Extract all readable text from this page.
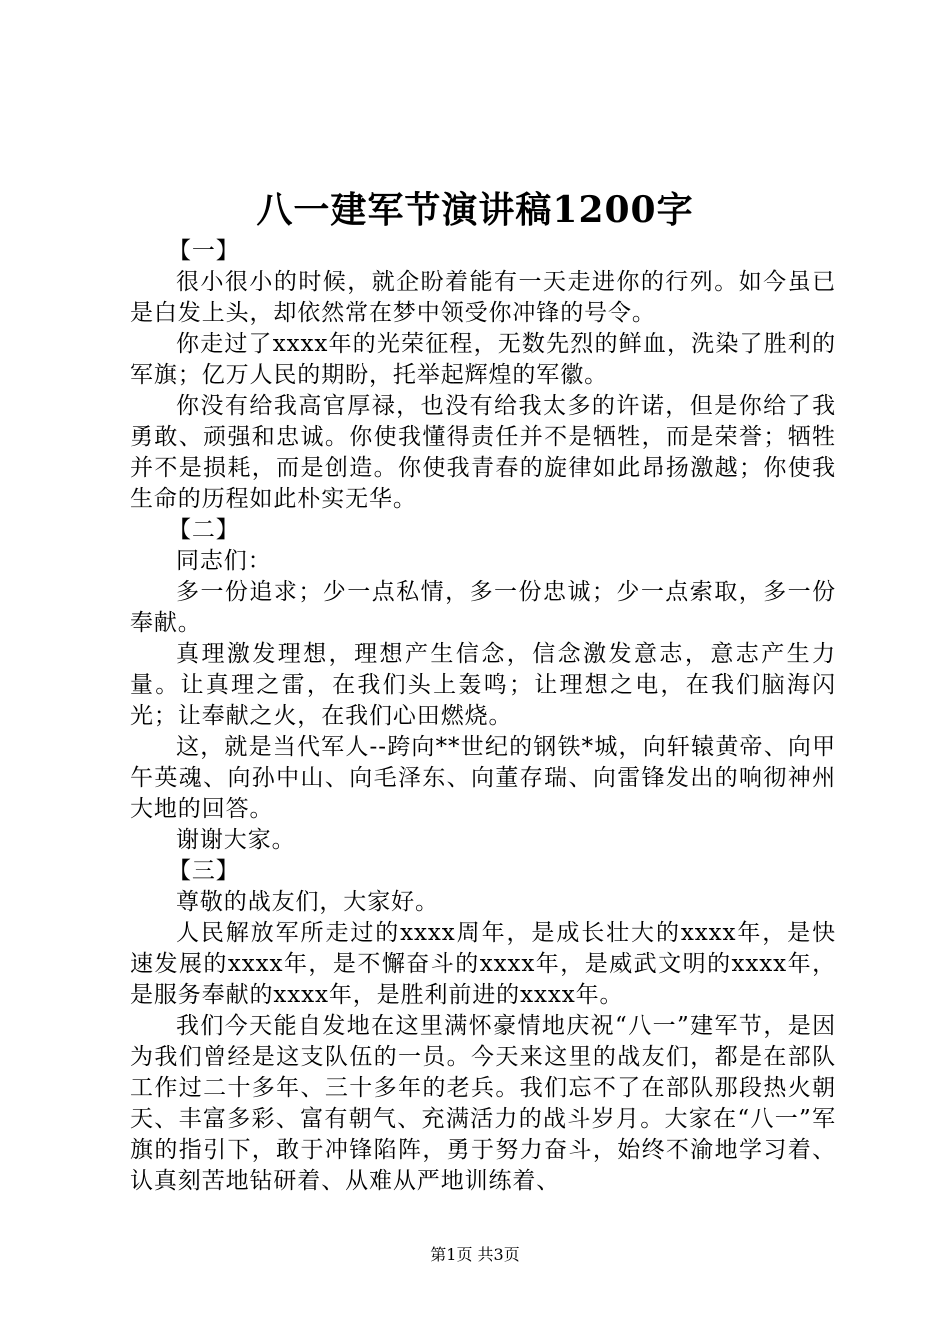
八一建军节演讲稿1200字

【一】

很小很小的时候，就企盼着能有一天走进你的行列。如今虽已是白发上头，却依然常在梦中领受你冲锋的号令。

你走过了xxxx年的光荣征程，无数先烈的鲜血，洗染了胜利的军旗；亿万人民的期盼，托举起辉煌的军徽。

你没有给我高官厚禄，也没有给我太多的许诺，但是你给了我勇敢、顽强和忠诚。你使我懂得责任并不是牺牲，而是荣誉；牺牲并不是损耗，而是创造。你使我青春的旋律如此昂扬激越；你使我生命的历程如此朴实无华。

【二】

同志们：

多一份追求；少一点私情，多一份忠诚；少一点索取，多一份奉献。

真理激发理想，理想产生信念，信念激发意志，意志产生力量。让真理之雷，在我们头上轰鸣；让理想之电，在我们脑海闪光；让奉献之火，在我们心田燃烧。

这，就是当代军人--跨向**世纪的钢铁*城，向轩辕黄帝、向甲午英魂、向孙中山、向毛泽东、向董存瑞、向雷锋发出的响彻神州大地的回答。

谢谢大家。

【三】

尊敬的战友们，大家好。

人民解放军所走过的xxxx周年，是成长壮大的xxxx年，是快速发展的xxxx年，是不懈奋斗的xxxx年，是威武文明的xxxx年，是服务奉献的xxxx年，是胜利前进的xxxx年。

我们今天能自发地在这里满怀豪情地庆祝“八一”建军节，是因为我们曾经是这支队伍的一员。今天来这里的战友们，都是在部队工作过二十多年、三十多年的老兵。我们忘不了在部队那段热火朝天、丰富多彩、富有朝气、充满活力的战斗岁月。大家在“八一”军旗的指引下，敢于冲锋陷阵，勇于努力奋斗，始终不渝地学习着、认真刻苦地钻研着、从难从严地训练着、

第1页 共3页
